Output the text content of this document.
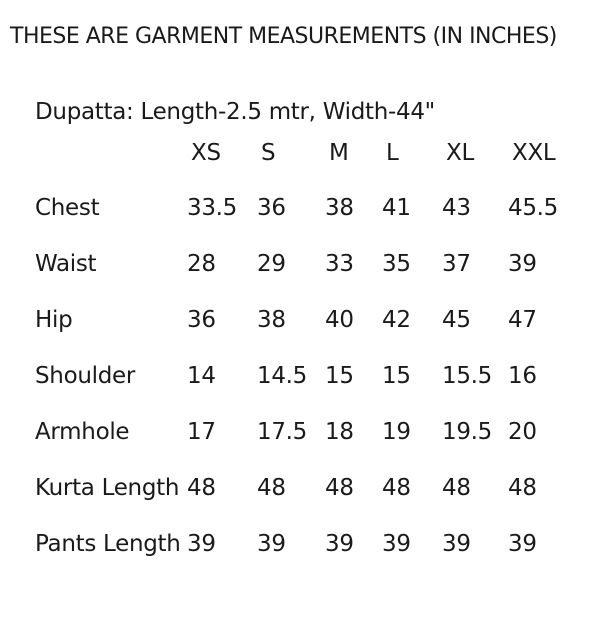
THESE ARE GARMENT MEASUREMENTS (IN INCHES)
Dupatta: Length-2.5 mtr, Width-44"
	XS	S	M	L	XL	XXL
Chest	33.5	36	38	41	43	45.5
Waist	28	29	33	35	37	39
Hip	36	38	40	42	45	47
Shoulder	14	14.5	15	15	15.5	16
Armhole	17	17.5	18	19	19.5	20
Kurta Length	48	48	48	48	48	48
Pants Length	39	39	39	39	39	39
